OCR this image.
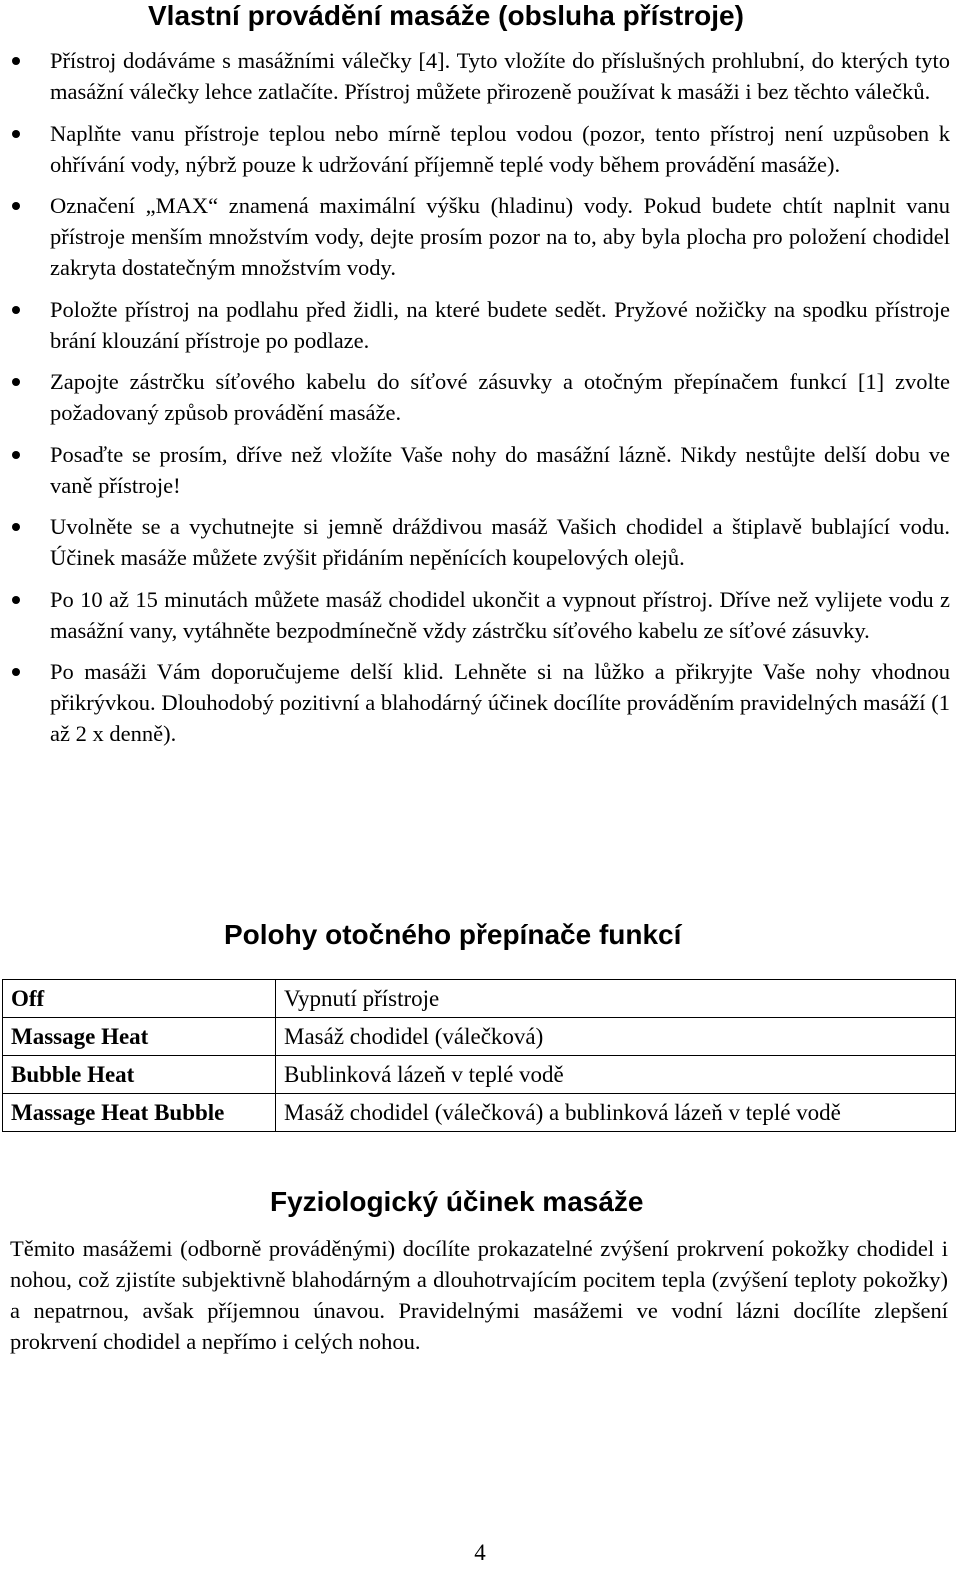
Vlastní provádění masáže (obsluha přístroje)
Přístroj dodáváme s masážními válečky [4]. Tyto vložíte do příslušných prohlubní, do kterých tyto masážní válečky lehce zatlačíte. Přístroj můžete přirozeně používat k masáži i bez těchto válečků.
Naplňte vanu přístroje teplou nebo mírně teplou vodou (pozor, tento přístroj není uzpůsoben k ohřívání vody, nýbrž pouze k udržování příjemně teplé vody během provádění masáže).
Označení „MAX“ znamená maximální výšku (hladinu) vody. Pokud budete chtít naplnit vanu přístroje menším množstvím vody, dejte prosím pozor na to, aby byla plocha pro položení chodidel zakryta dostatečným množstvím vody.
Položte přístroj na podlahu před židli, na které budete sedět. Pryžové nožičky na spodku přístroje brání klouzání přístroje po podlaze.
Zapojte zástrčku síťového kabelu do síťové zásuvky a otočným přepínačem funkcí [1] zvolte požadovaný způsob provádění masáže.
Posaďte se prosím, dříve než vložíte Vaše nohy do masážní lázně. Nikdy nestůjte delší dobu ve vaně přístroje!
Uvolněte se a vychutnejte si jemně dráždivou masáž Vašich chodidel a štiplavě bublající vodu. Účinek masáže můžete zvýšit přidáním nepěnících koupelových olejů.
Po 10 až 15 minutách můžete masáž chodidel ukončit a vypnout přístroj. Dříve než vylijete vodu z masážní vany, vytáhněte bezpodmínečně vždy zástrčku síťového kabelu ze síťové zásuvky.
Po masáži Vám doporučujeme delší klid. Lehněte si na lůžko a přikryjte Vaše nohy vhodnou přikrývkou. Dlouhodobý pozitivní a blahodárný účinek docílíte prováděním pravidelných masáží (1 až 2 x denně).
Polohy otočného přepínače funkcí
Off	Vypnutí přístroje
Massage Heat	Masáž chodidel (válečková)
Bubble Heat	Bublinková lázeň v teplé vodě
Massage Heat Bubble	Masáž chodidel (válečková) a bublinková lázeň v teplé vodě
Fyziologický účinek masáže

Těmito masážemi (odborně prováděnými) docílíte prokazatelné zvýšení prokrvení pokožky chodidel i nohou, což zjistíte subjektivně blahodárným a dlouhotrvajícím pocitem tepla (zvýšení teploty pokožky) a nepatrnou, avšak příjemnou únavou. Pravidelnými masážemi ve vodní lázni docílíte zlepšení prokrvení chodidel a nepřímo i celých nohou.

4
